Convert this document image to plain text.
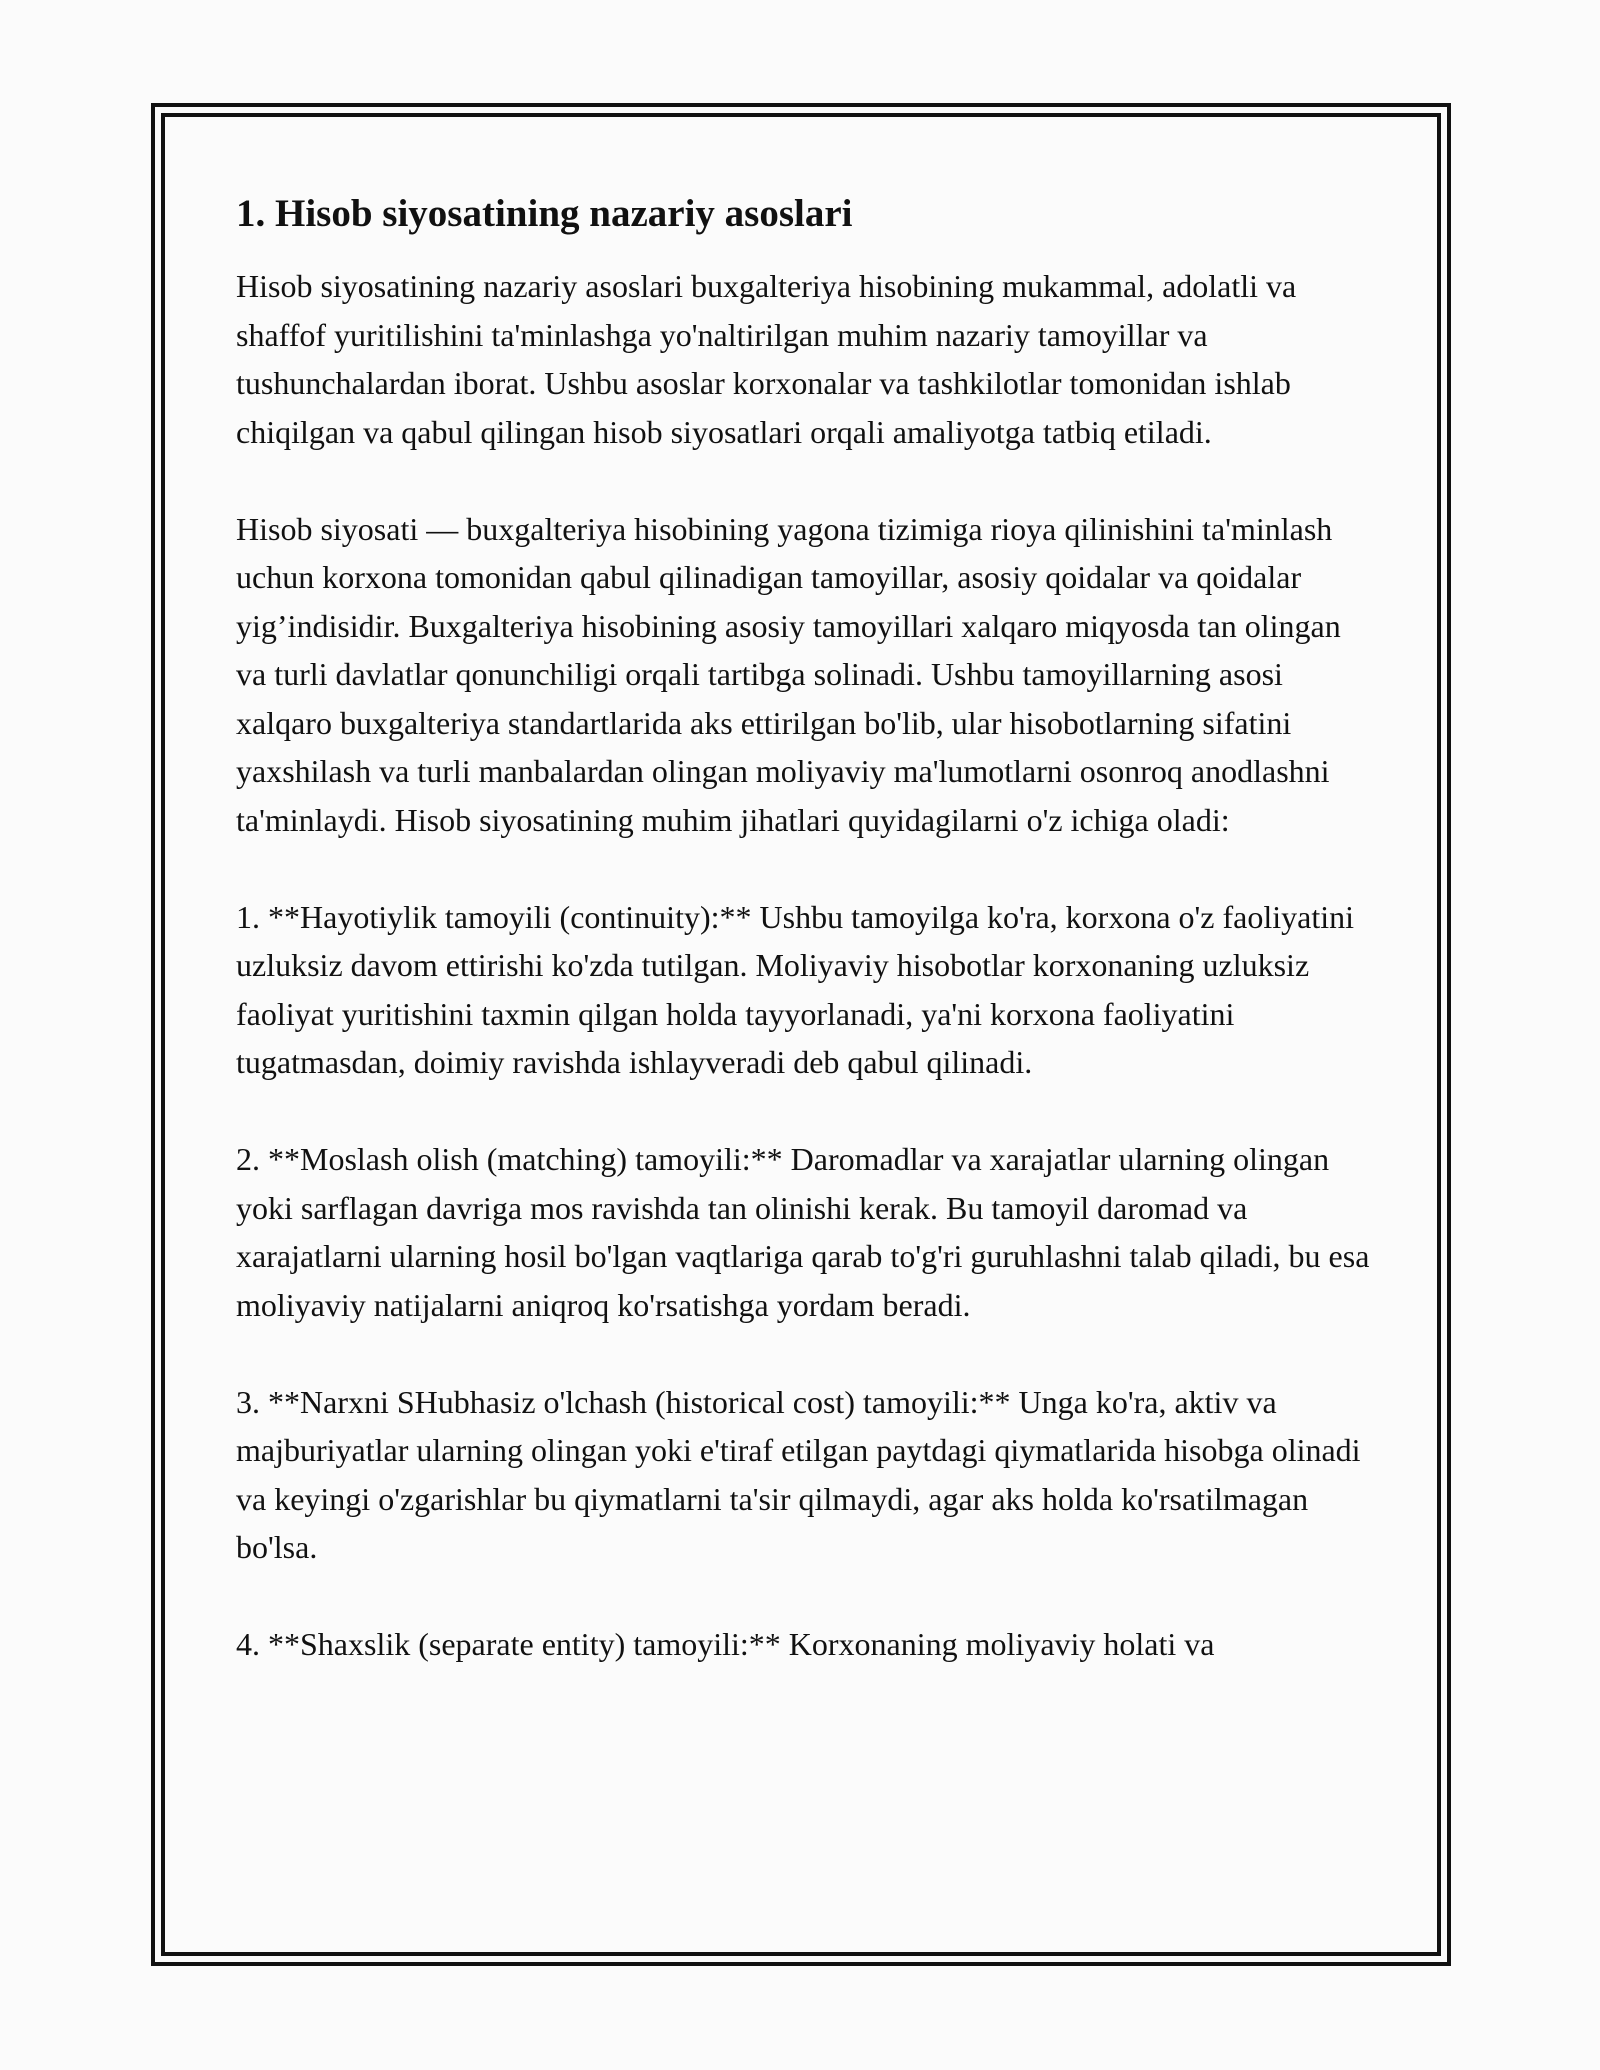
1. Hisob siyosatining nazariy asoslari

Hisob siyosatining nazariy asoslari buxgalteriya hisobining mukammal, adolatli va shaffof yuritilishini ta'minlashga yo'naltirilgan muhim nazariy tamoyillar va tushunchalardan iborat. Ushbu asoslar korxonalar va tashkilotlar tomonidan ishlab chiqilgan va qabul qilingan hisob siyosatlari orqali amaliyotga tatbiq etiladi.

Hisob siyosati — buxgalteriya hisobining yagona tizimiga rioya qilinishini ta'minlash uchun korxona tomonidan qabul qilinadigan tamoyillar, asosiy qoidalar va qoidalar yig’indisidir. Buxgalteriya hisobining asosiy tamoyillari xalqaro miqyosda tan olingan va turli davlatlar qonunchiligi orqali tartibga solinadi. Ushbu tamoyillarning asosi xalqaro buxgalteriya standartlarida aks ettirilgan bo'lib, ular hisobotlarning sifatini yaxshilash va turli manbalardan olingan moliyaviy ma'lumotlarni osonroq anodlashni ta'minlaydi. Hisob siyosatining muhim jihatlari quyidagilarni o'z ichiga oladi:

1. **Hayotiylik tamoyili (continuity):** Ushbu tamoyilga ko'ra, korxona o'z faoliyatini uzluksiz davom ettirishi ko'zda tutilgan. Moliyaviy hisobotlar korxonaning uzluksiz faoliyat yuritishini taxmin qilgan holda tayyorlanadi, ya'ni korxona faoliyatini tugatmasdan, doimiy ravishda ishlayveradi deb qabul qilinadi.

2. **Moslash olish (matching) tamoyili:** Daromadlar va xarajatlar ularning olingan yoki sarflagan davriga mos ravishda tan olinishi kerak. Bu tamoyil daromad va xarajatlarni ularning hosil bo'lgan vaqtlariga qarab to'g'ri guruhlashni talab qiladi, bu esa moliyaviy natijalarni aniqroq ko'rsatishga yordam beradi.

3. **Narxni SHubhasiz o'lchash (historical cost) tamoyili:** Unga ko'ra, aktiv va majburiyatlar ularning olingan yoki e'tiraf etilgan paytdagi qiymatlarida hisobga olinadi va keyingi o'zgarishlar bu qiymatlarni ta'sir qilmaydi, agar aks holda ko'rsatilmagan bo'lsa.

4. **Shaxslik (separate entity) tamoyili:** Korxonaning moliyaviy holati va
